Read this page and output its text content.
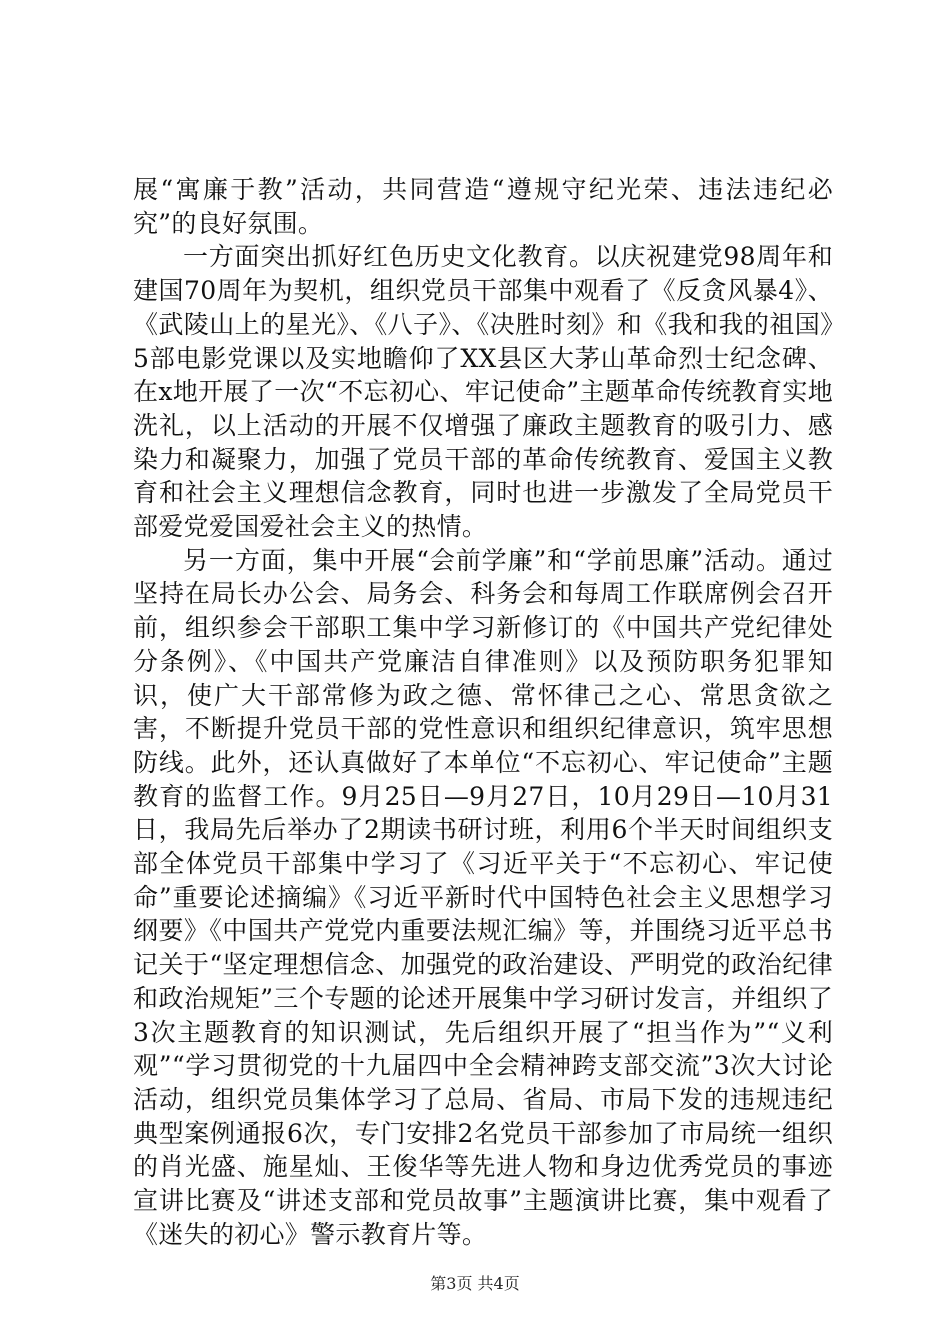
展“寓廉于教”活动，共同营造“遵规守纪光荣、违法违纪必究”的良好氛围。

一方面突出抓好红色历史文化教育。以庆祝建党98周年和建国70周年为契机，组织党员干部集中观看了《反贪风暴4》、《武陵山上的星光》、《八子》、《决胜时刻》和《我和我的祖国》5部电影党课以及实地瞻仰了XX县区大茅山革命烈士纪念碑、在x地开展了一次“不忘初心、牢记使命”主题革命传统教育实地洗礼，以上活动的开展不仅增强了廉政主题教育的吸引力、感染力和凝聚力，加强了党员干部的革命传统教育、爱国主义教育和社会主义理想信念教育，同时也进一步激发了全局党员干部爱党爱国爱社会主义的热情。

另一方面，集中开展“会前学廉”和“学前思廉”活动。通过坚持在局长办公会、局务会、科务会和每周工作联席例会召开前，组织参会干部职工集中学习新修订的《中国共产党纪律处分条例》、《中国共产党廉洁自律准则》以及预防职务犯罪知识，使广大干部常修为政之德、常怀律己之心、常思贪欲之害，不断提升党员干部的党性意识和组织纪律意识，筑牢思想防线。此外，还认真做好了本单位“不忘初心、牢记使命”主题教育的监督工作。9月25日—9月27日，10月29日—10月31日，我局先后举办了2期读书研讨班，利用6个半天时间组织支部全体党员干部集中学习了《习近平关于“不忘初心、牢记使命”重要论述摘编》《习近平新时代中国特色社会主义思想学习纲要》《中国共产党党内重要法规汇编》等，并围绕习近平总书记关于“坚定理想信念、加强党的政治建设、严明党的政治纪律和政治规矩”三个专题的论述开展集中学习研讨发言，并组织了3次主题教育的知识测试，先后组织开展了“担当作为”“义利观”“学习贯彻党的十九届四中全会精神跨支部交流”3次大讨论活动，组织党员集体学习了总局、省局、市局下发的违规违纪典型案例通报6次，专门安排2名党员干部参加了市局统一组织的肖光盛、施星灿、王俊华等先进人物和身边优秀党员的事迹宣讲比赛及“讲述支部和党员故事”主题演讲比赛，集中观看了《迷失的初心》警示教育片等。

第3页 共4页
